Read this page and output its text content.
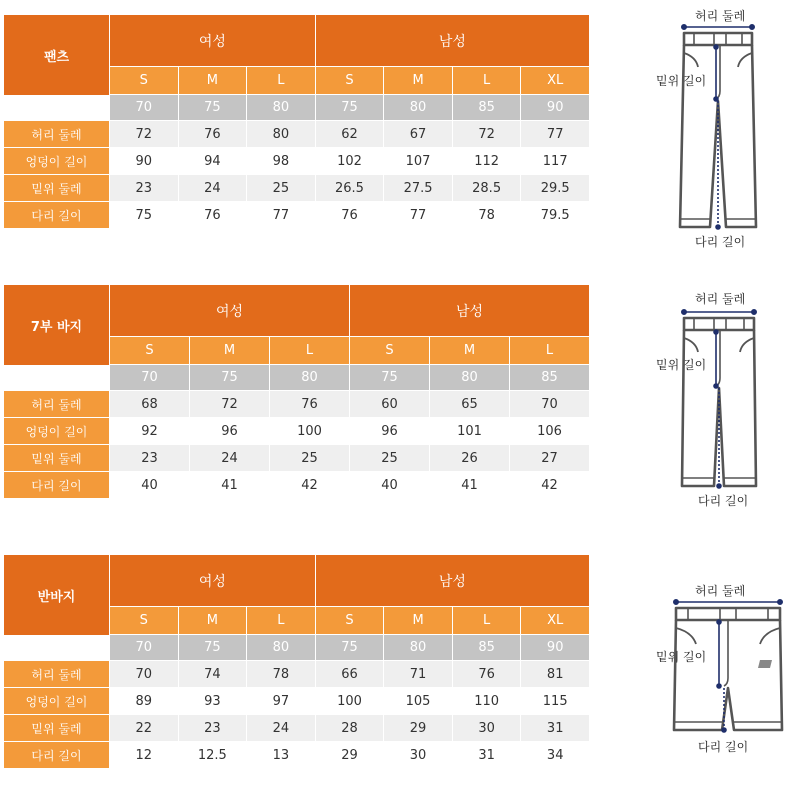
팬츠
여성	남성
S	M	L	S	M	L	XL
70	75	80	75	80	85	90
허리 둘레	72	76	80	62	67	72	77
엉덩이 길이	90	94	98	102	107	112	117
밑위 둘레	23	24	25	26.5	27.5	28.5	29.5
다리 길이	75	76	77	76	77	78	79.5
7부 바지
여성	남성
S	M	L	S	M	L
70	75	80	75	80	85
허리 둘레	68	72	76	60	65	70
엉덩이 길이	92	96	100	96	101	106
밑위 둘레	23	24	25	25	26	27
다리 길이	40	41	42	40	41	42
반바지
여성	남성
S	M	L	S	M	L	XL
70	75	80	75	80	85	90
허리 둘레	70	74	78	66	71	76	81
엉덩이 길이	89	93	97	100	105	110	115
밑위 둘레	22	23	24	28	29	30	31
다리 길이	12	12.5	13	29	30	31	34
허리 둘레
밑위 길이
다리 길이
허리 둘레
밑위 길이
다리 길이
허리 둘레
밑위 길이
다리 길이
